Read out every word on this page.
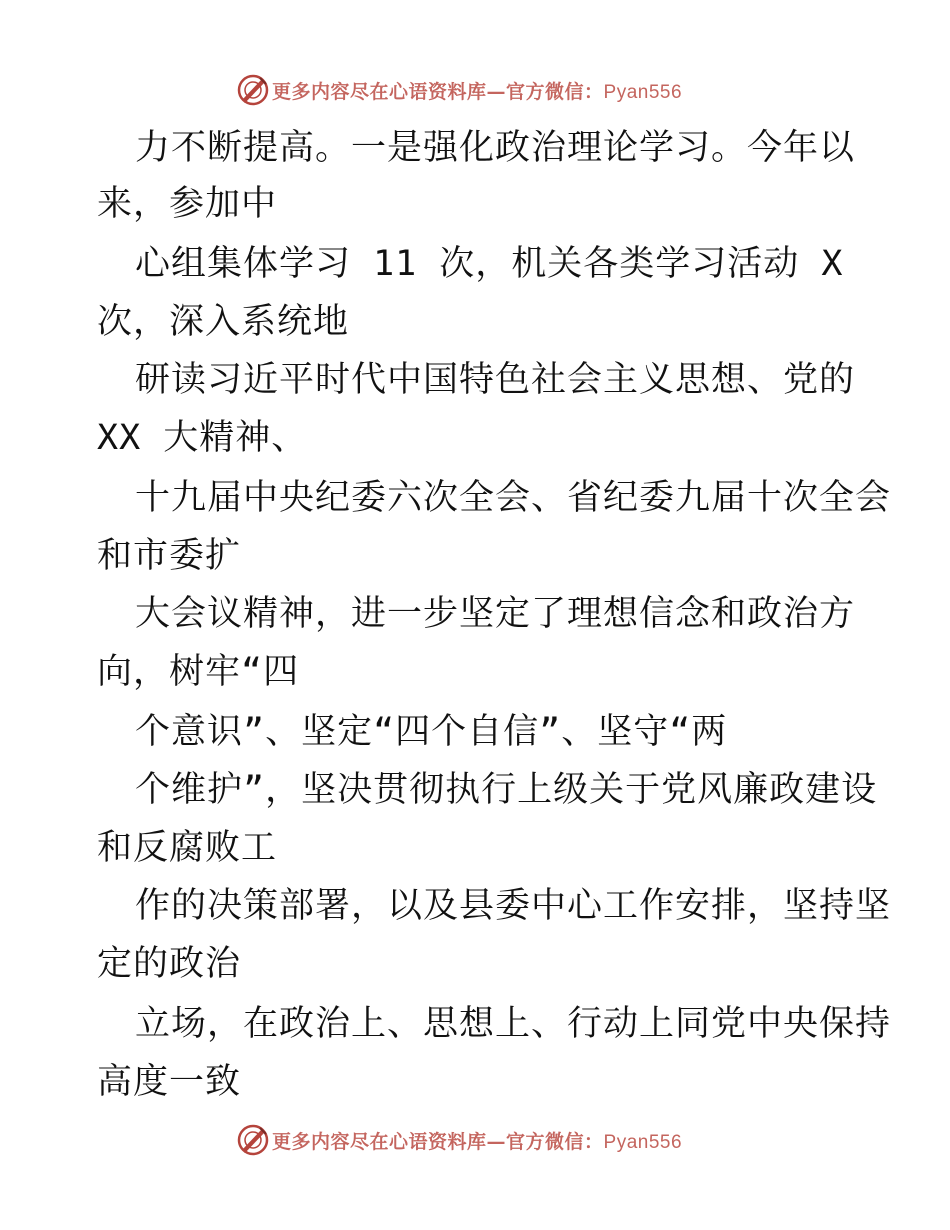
更多内容尽在心语资料库—官方微信：Pyan556
力不断提高。一是强化政治理论学习。今年以
来，参加中
心组集体学习 11 次，机关各类学习活动 X
次，深入系统地
研读习近平时代中国特色社会主义思想、党的
XX 大精神、
十九届中央纪委六次全会、省纪委九届十次全会
和市委扩
大会议精神，进一步坚定了理想信念和政治方
向，树牢“四
个意识”、坚定“四个自信”、坚守“两
个维护”，坚决贯彻执行上级关于党风廉政建设
和反腐败工
作的决策部署，以及县委中心工作安排，坚持坚
定的政治
立场，在政治上、思想上、行动上同党中央保持
高度一致
更多内容尽在心语资料库—官方微信：Pyan556
